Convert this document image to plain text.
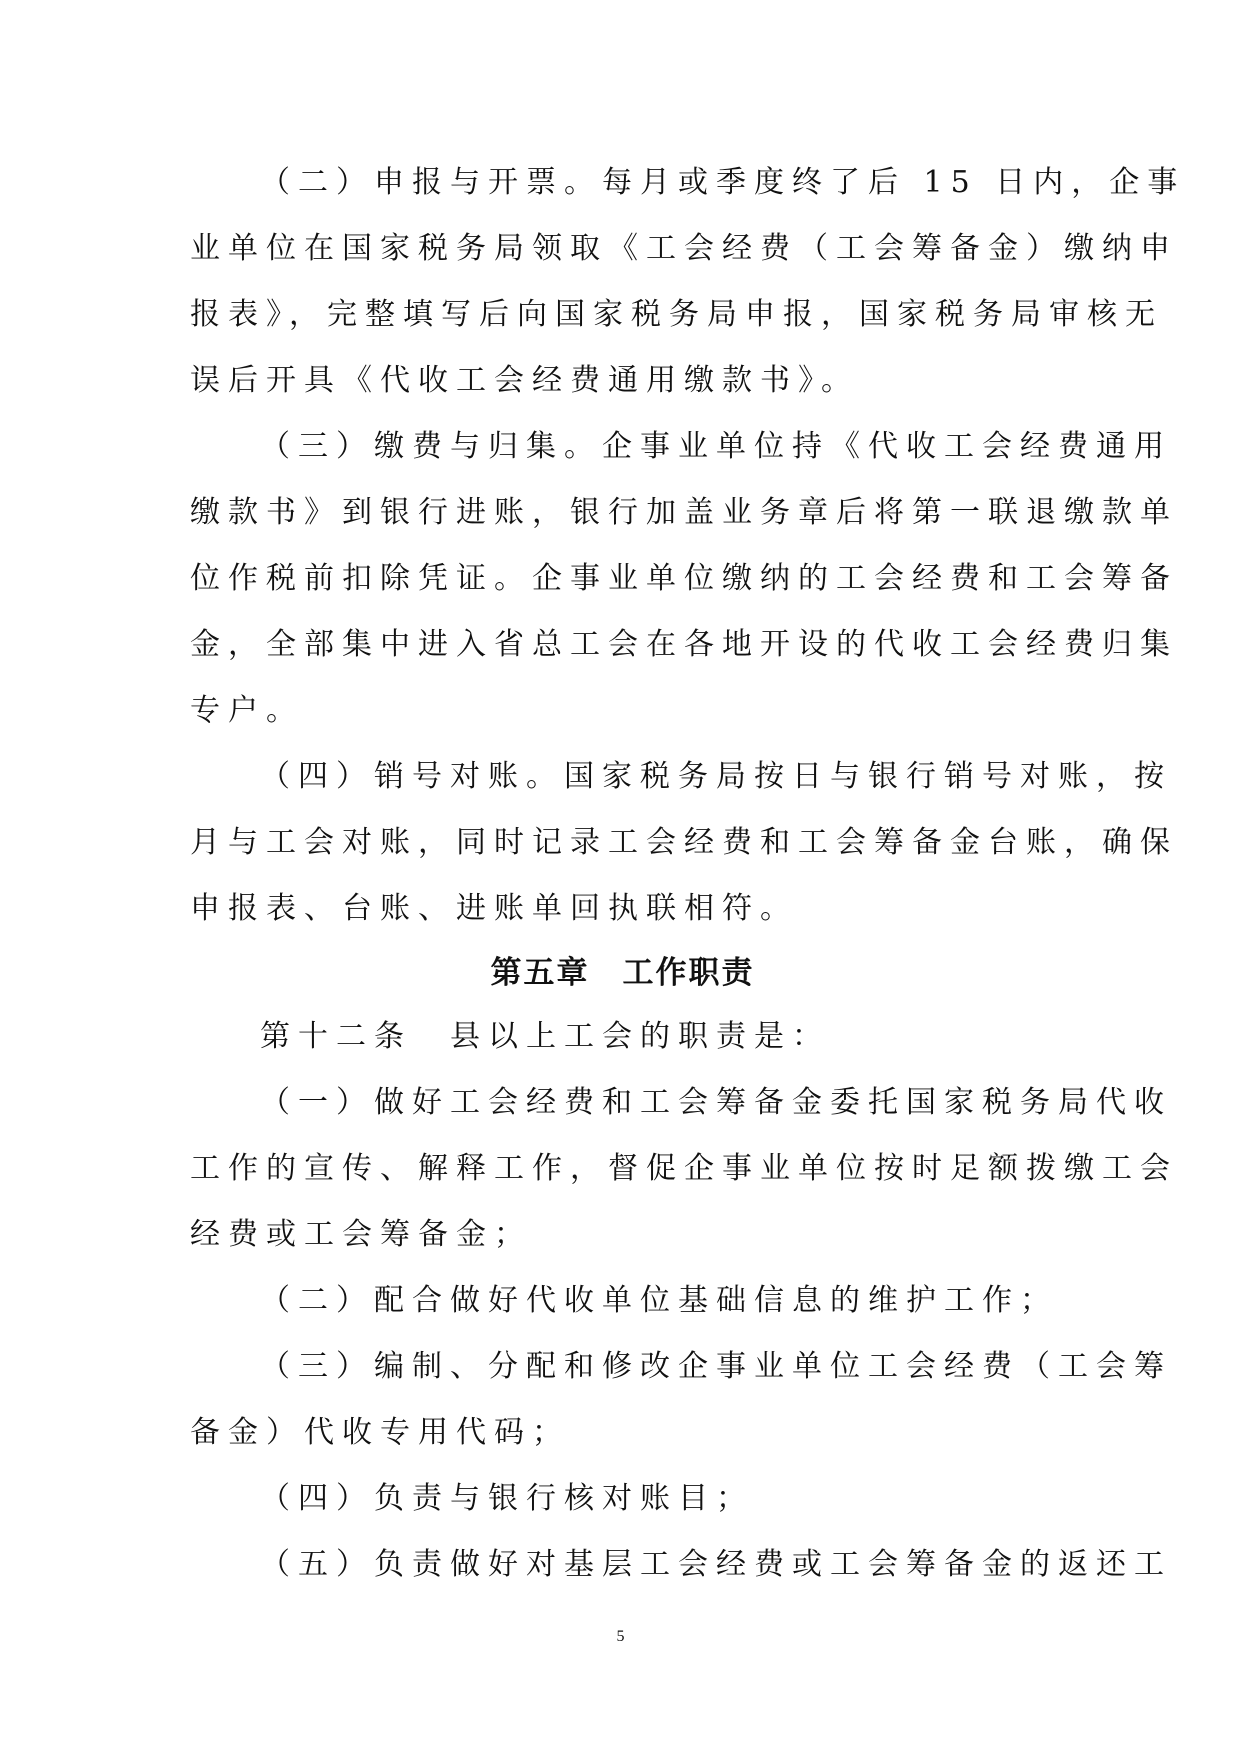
（二）申报与开票。每月或季度终了后 15 日内，企事
业单位在国家税务局领取《工会经费（工会筹备金）缴纳申
报表》，完整填写后向国家税务局申报，国家税务局审核无
误后开具《代收工会经费通用缴款书》。
（三）缴费与归集。企事业单位持《代收工会经费通用
缴款书》到银行进账，银行加盖业务章后将第一联退缴款单
位作税前扣除凭证。企事业单位缴纳的工会经费和工会筹备
金，全部集中进入省总工会在各地开设的代收工会经费归集
专户。
（四）销号对账。国家税务局按日与银行销号对账，按
月与工会对账，同时记录工会经费和工会筹备金台账，确保
申报表、台账、进账单回执联相符。
第五章　工作职责
第十二条　县以上工会的职责是：
（一）做好工会经费和工会筹备金委托国家税务局代收
工作的宣传、解释工作，督促企事业单位按时足额拨缴工会
经费或工会筹备金；
（二）配合做好代收单位基础信息的维护工作；
（三）编制、分配和修改企事业单位工会经费（工会筹
备金）代收专用代码；
（四）负责与银行核对账目；
（五）负责做好对基层工会经费或工会筹备金的返还工
5
